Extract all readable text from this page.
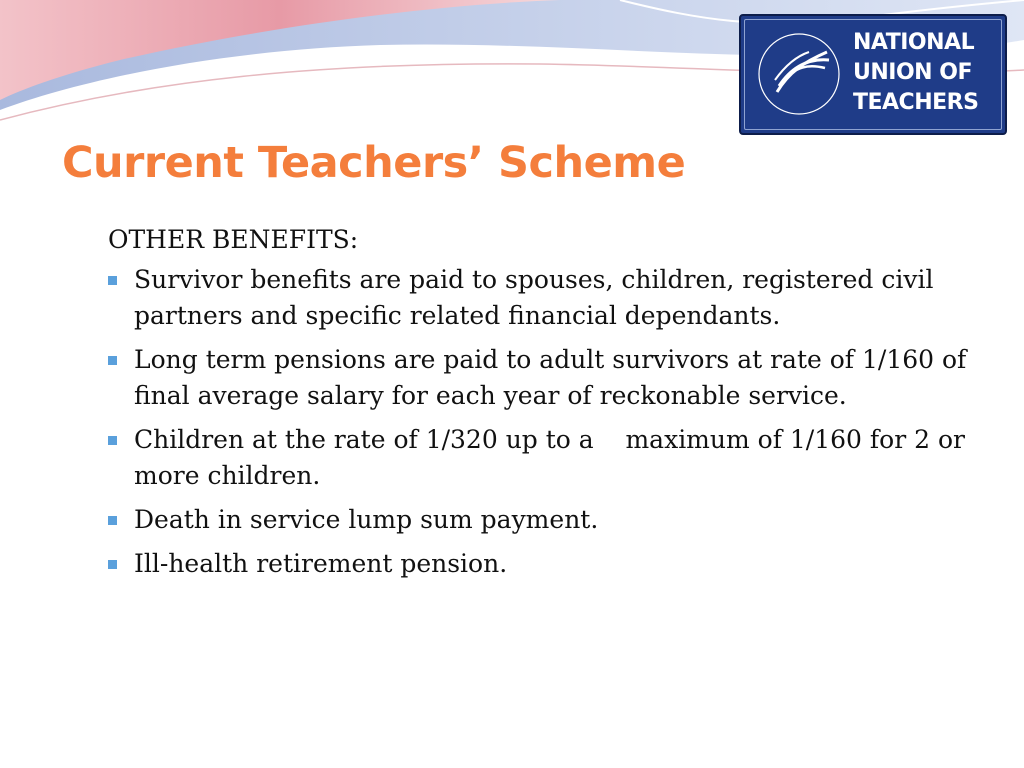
Current Teachers’ Scheme
NATIONAL
UNION OF
TEACHERS
OTHER BENEFITS:
Survivor benefits are paid to spouses, children, registered civil partners and specific related financial dependants.
Long term pensions are paid to adult survivors at rate of 1/160 of final average salary for each year of reckonable service.
Children at the rate of 1/320 up to a    maximum of 1/160 for 2 or more children.
Death in service lump sum payment.
Ill-health retirement pension.
